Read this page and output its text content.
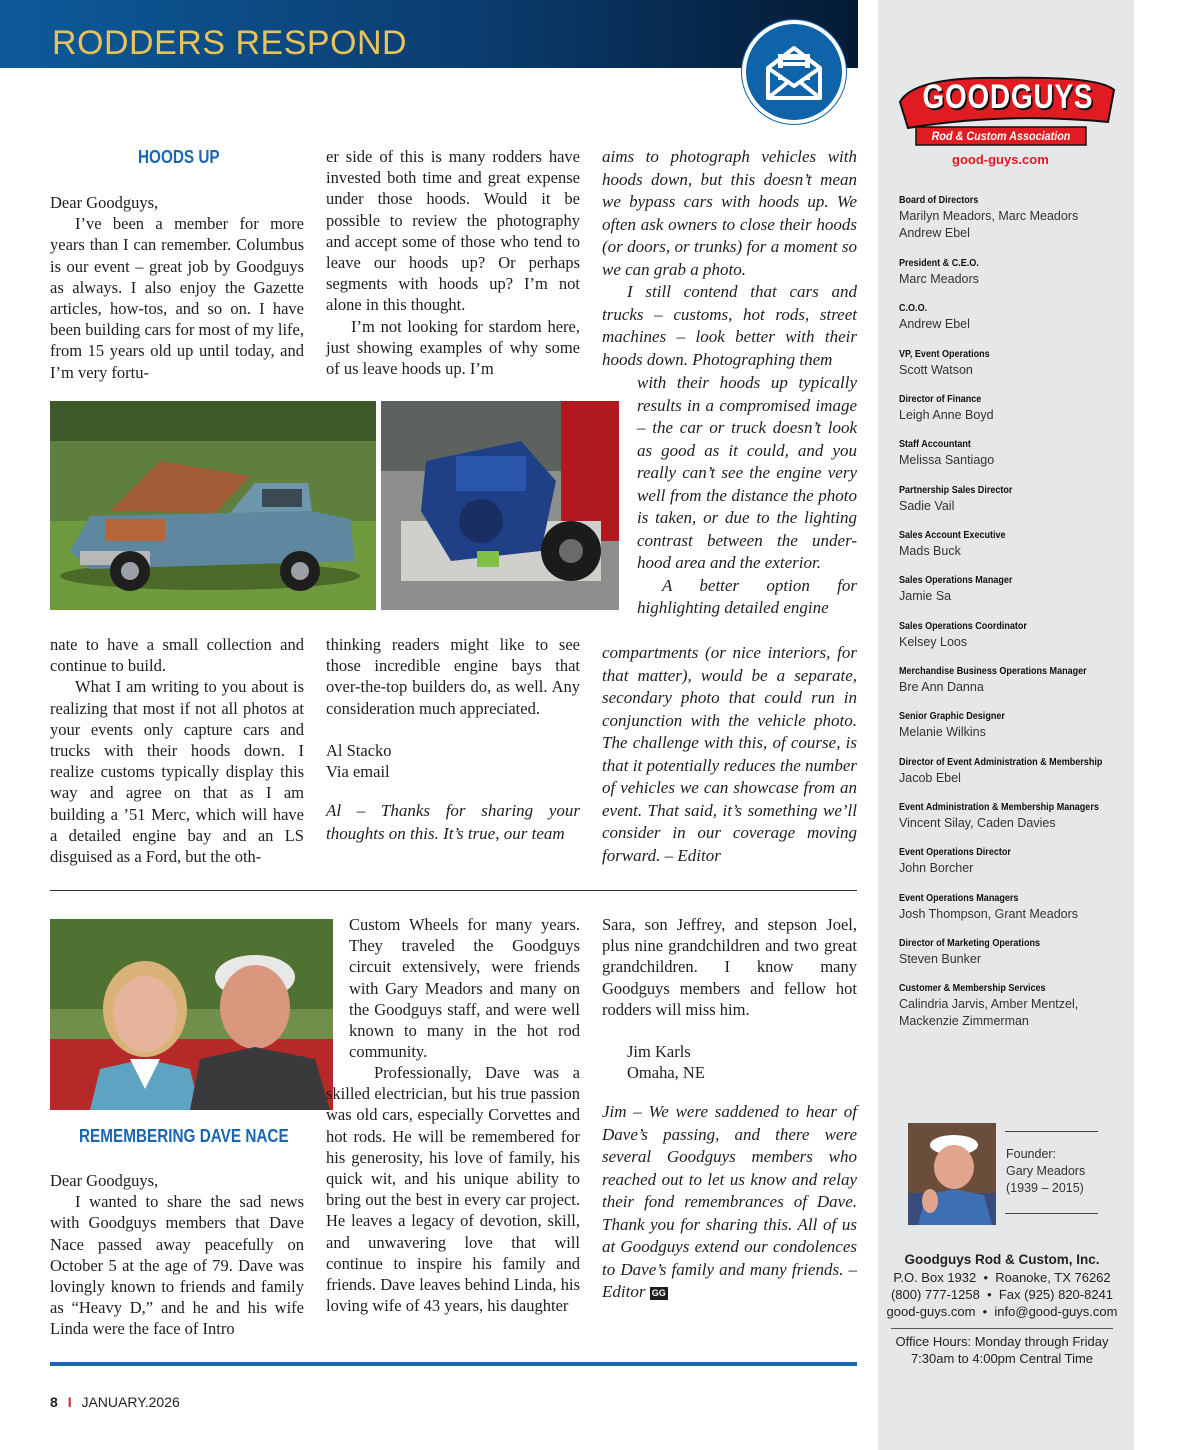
RODDERS RESPOND
HOODS UP

Dear Goodguys,

I’ve been a member for more years than I can remember. Columbus is our event – great job by Goodguys as always. I also enjoy the Gazette articles, how-tos, and so on. I have been building cars for most of my life, from 15 years old up until today, and I’m very fortu-

er side of this is many rodders have invested both time and great expense under those hoods. Would it be possible to review the photography and accept some of those who tend to leave our hoods up? Or perhaps segments with hoods up? I’m not alone in this thought.

I’m not looking for stardom here, just showing examples of why some of us leave hoods up. I’m

aims to photograph vehicles with hoods down, but this doesn’t mean we bypass cars with hoods up. We often ask owners to close their hoods (or doors, or trunks) for a moment so we can grab a photo.

I still contend that cars and trucks – customs, hot rods, street machines – look better with their hoods down. Photographing them

with their hoods up typically results in a compromised image – the car or truck doesn’t look as good as it could, and you really can’t see the engine very well from the distance the photo is taken, or due to the lighting contrast between the under-hood area and the exterior.

A better option for highlighting detailed engine

compartments (or nice interiors, for that matter), would be a separate, secondary photo that could run in conjunction with the vehicle photo. The challenge with this, of course, is that it potentially reduces the number of vehicles we can showcase from an event. That said, it’s something we’ll consider in our coverage moving forward. – Editor

nate to have a small collection and continue to build.

What I am writing to you about is realizing that most if not all photos at your events only capture cars and trucks with their hoods down. I realize customs typically display this way and agree on that as I am building a ’51 Merc, which will have a detailed engine bay and an LS disguised as a Ford, but the oth-

thinking readers might like to see those incredible engine bays that over-the-top builders do, as well. Any consideration much appreciated.

Al Stacko

Via email

Al – Thanks for sharing your thoughts on this. It’s true, our team

REMEMBERING DAVE NACE

Dear Goodguys,

I wanted to share the sad news with Goodguys members that Dave Nace passed away peacefully on October 5 at the age of 79. Dave was lovingly known to friends and family as “Heavy D,” and he and his wife Linda were the face of Intro

Custom Wheels for many years. They traveled the Goodguys circuit extensively, were friends with Gary Meadors and many on the Goodguys staff, and were well known to many in the hot rod community.

Professionally, Dave was a skilled electrician, but his true passion was old cars, especially Corvettes and hot rods. He will be remembered for his generosity, his love of family, his quick wit, and his unique ability to bring out the best in every car project. He leaves a legacy of devotion, skill, and unwavering love that will continue to inspire his family and friends. Dave leaves behind Linda, his loving wife of 43 years, his daughter

Sara, son Jeffrey, and stepson Joel, plus nine grandchildren and two great grandchildren. I know many Goodguys members and fellow hot rodders will miss him.

Jim Karls

Omaha, NE

Jim – We were saddened to hear of Dave’s passing, and there were several Goodguys members who reached out to let us know and relay their fond remembrances of Dave. Thank you for sharing this. All of us at Goodguys extend our condolences to Dave’s family and many friends. – Editor GG

8 I JANUARY.2026
GOODGUYS
Rod & Custom Association
good-guys.com
Board of Directors
Marilyn Meadors, Marc Meadors
Andrew Ebel
President & C.E.O.
Marc Meadors
C.O.O.
Andrew Ebel
VP, Event Operations
Scott Watson
Director of Finance
Leigh Anne Boyd
Staff Accountant
Melissa Santiago
Partnership Sales Director
Sadie Vail
Sales Account Executive
Mads Buck
Sales Operations Manager
Jamie Sa
Sales Operations Coordinator
Kelsey Loos
Merchandise Business Operations Manager
Bre Ann Danna
Senior Graphic Designer
Melanie Wilkins
Director of Event Administration & Membership
Jacob Ebel
Event Administration & Membership Managers
Vincent Silay, Caden Davies
Event Operations Director
John Borcher
Event Operations Managers
Josh Thompson, Grant Meadors
Director of Marketing Operations
Steven Bunker
Customer & Membership Services
Calindria Jarvis, Amber Mentzel,
Mackenzie Zimmerman
Founder:
Gary Meadors
(1939 – 2015)
Goodguys Rod & Custom, Inc.
P.O. Box 1932  •  Roanoke, TX 76262
(800) 777-1258  •  Fax (925) 820-8241
good-guys.com  •  info@good-guys.com
Office Hours: Monday through Friday
7:30am to 4:00pm Central Time
